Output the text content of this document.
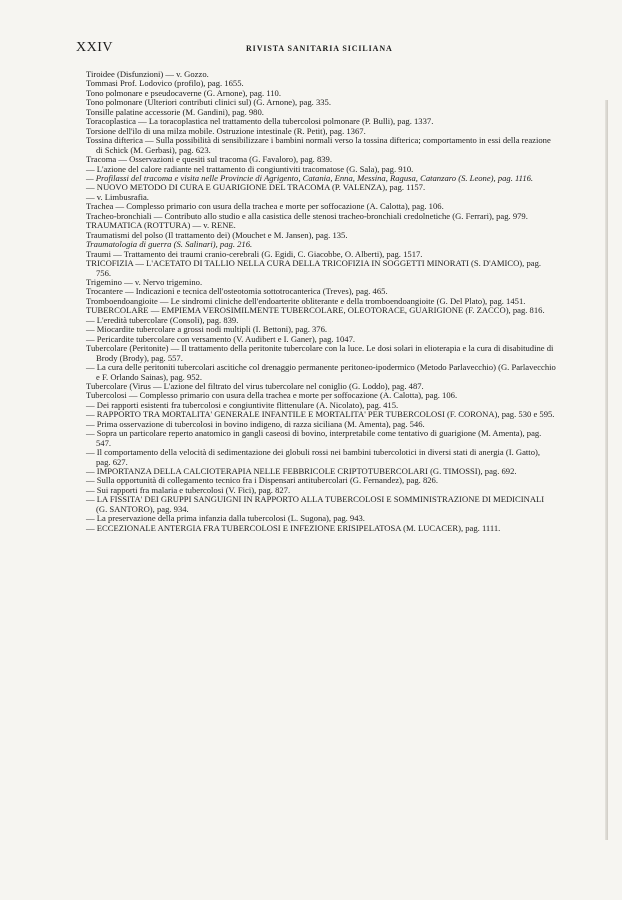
XXIV	RIVISTA SANITARIA SICILIANA

Tiroidee (Disfunzioni) — v. Gozzo.

Tommasi Prof. Lodovico (profilo), pag. 1655.

Tono polmonare e pseudocaverne (G. Arnone), pag. 110.

Tono polmonare (Ulteriori contributi clinici sul) (G. Arnone), pag. 335.

Tonsille palatine accessorie (M. Gandini), pag. 980.

Toracoplastica — La toracoplastica nel trattamento della tubercolosi polmonare (P. Bulli), pag. 1337.

Torsione dell'ilo di una milza mobile. Ostruzione intestinale (R. Petit), pag. 1367.

Tossina difterica — Sulla possibilità di sensibilizzare i bambini normali verso la tossina difterica; comportamento in essi della reazione di Schick (M. Gerbasi), pag. 623.

Tracoma — Osservazioni e quesiti sul tracoma (G. Favaloro), pag. 839.

— L'azione del calore radiante nel trattamento di congiuntiviti tracomatose (G. Sala), pag. 910.

— Profilassi del tracoma e visita nelle Provincie di Agrigento, Catania, Enna, Messina, Ragusa, Catanzaro (S. Leone), pag. 1116.

— NUOVO METODO DI CURA E GUARIGIONE DEL TRACOMA (P. VALENZA), pag. 1157.

— v. Limbusrafia.

Trachea — Complesso primario con usura della trachea e morte per soffocazione (A. Calotta), pag. 106.

Tracheo-bronchiali — Contributo allo studio e alla casistica delle stenosi tracheo-bronchiali credolnetiche (G. Ferrari), pag. 979.

TRAUMATICA (ROTTURA) — v. RENE.

Traumatismi del polso (Il trattamento dei) (Mouchet e M. Jansen), pag. 135.

Traumatologia di guerra (S. Salinari), pag. 216.

Traumi — Trattamento dei traumi cranio-cerebrali (G. Egidi, C. Giacobbe, O. Alberti), pag. 1517.

TRICOFIZIA — L'ACETATO DI TALLIO NELLA CURA DELLA TRICOFIZIA IN SOGGETTI MINORATI (S. D'AMICO), pag. 756.

Trigemino — v. Nervo trigemino.

Trocantere — Indicazioni e tecnica dell'osteotomia sottotrocanterica (Treves), pag. 465.

Tromboendoangioite — Le sindromi cliniche dell'endoarterite obliterante e della tromboendoangioite (G. Del Plato), pag. 1451.

TUBERCOLARE — EMPIEMA VEROSIMILMENTE TUBERCOLARE, OLEOTORACE, GUARIGIONE (F. ZACCO), pag. 816.

— L'eredità tubercolare (Consoli), pag. 839.

— Miocardite tubercolare a grossi nodi multipli (I. Bettoni), pag. 376.

— Pericardite tubercolare con versamento (V. Audibert e I. Ganer), pag. 1047.

Tubercolare (Peritonite) — Il trattamento della peritonite tubercolare con la luce. Le dosi solari in elioterapia e la cura di disabitudine di Brody (Brody), pag. 557.

— La cura delle peritoniti tubercolari ascitiche col drenaggio permanente peritoneo-ipodermico (Metodo Parlavecchio) (G. Parlavecchio e F. Orlando Sainas), pag. 952.

Tubercolare (Virus — L'azione del filtrato del virus tubercolare nel coniglio (G. Loddo), pag. 487.

Tubercolosi — Complesso primario con usura della trachea e morte per soffocazione (A. Calotta), pag. 106.

— Dei rapporti esistenti fra tubercolosi e congiuntivite flittenulare (A. Nicolato), pag. 415.

— RAPPORTO TRA MORTALITA' GENERALE INFANTILE E MORTALITA' PER TUBERCOLOSI (F. CORONA), pag. 530 e 595.

— Prima osservazione di tubercolosi in bovino indigeno, di razza siciliana (M. Amenta), pag. 546.

— Sopra un particolare reperto anatomico in gangli caseosi di bovino, interpretabile come tentativo di guarigione (M. Amenta), pag. 547.

— Il comportamento della velocità di sedimentazione dei globuli rossi nei bambini tubercolotici in diversi stati di anergia (I. Gatto), pag. 627.

— IMPORTANZA DELLA CALCIOTERAPIA NELLE FEBBRICOLE CRIPTOTUBERCOLARI (G. TIMOSSI), pag. 692.

— Sulla opportunità di collegamento tecnico fra i Dispensari antitubercolari (G. Fernandez), pag. 826.

— Sui rapporti fra malaria e tubercolosi (V. Fici), pag. 827.

— LA FISSITA' DEI GRUPPI SANGUIGNI IN RAPPORTO ALLA TUBERCOLOSI E SOMMINISTRAZIONE DI MEDICINALI (G. SANTORO), pag. 934.

— La preservazione della prima infanzia dalla tubercolosi (L. Sugona), pag. 943.

— ECCEZIONALE ANTERGIA FRA TUBERCOLOSI E INFEZIONE ERISIPELATOSA (M. LUCACER), pag. 1111.
